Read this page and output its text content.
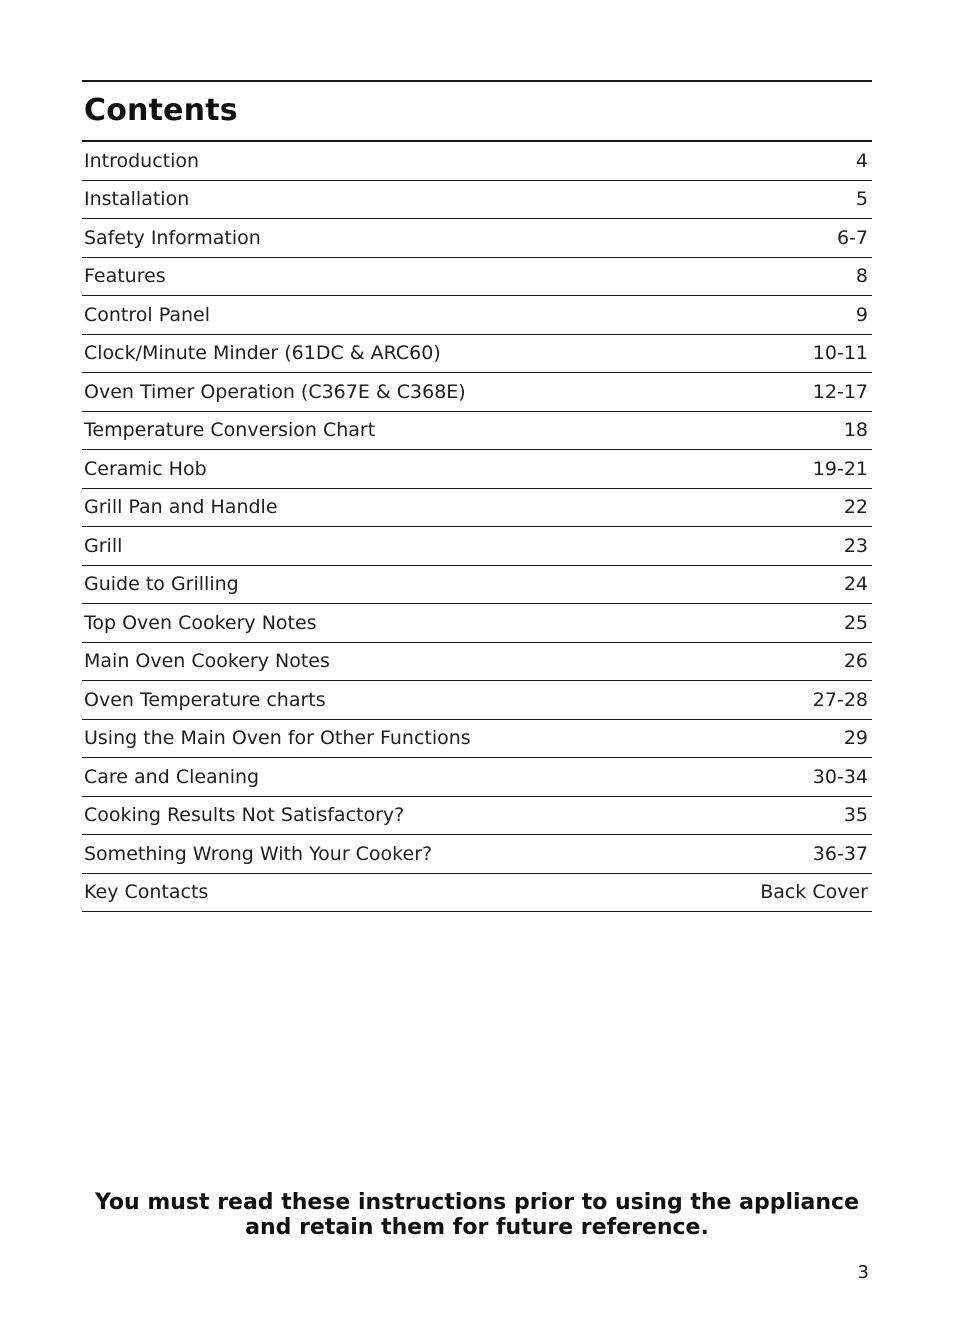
Contents
Introduction	4
Installation	5
Safety Information	6-7
Features	8
Control Panel	9
Clock/Minute Minder (61DC & ARC60)	10-11
Oven Timer Operation (C367E & C368E)	12-17
Temperature Conversion Chart	18
Ceramic Hob	19-21
Grill Pan and Handle	22
Grill	23
Guide to Grilling	24
Top Oven Cookery Notes	25
Main Oven Cookery Notes	26
Oven Temperature charts	27-28
Using the Main Oven for Other Functions	29
Care and Cleaning	30-34
Cooking Results Not Satisfactory?	35
Something Wrong With Your Cooker?	36-37
Key Contacts	Back Cover
You must read these instructions prior to using the appliance
and retain them for future reference.
3
